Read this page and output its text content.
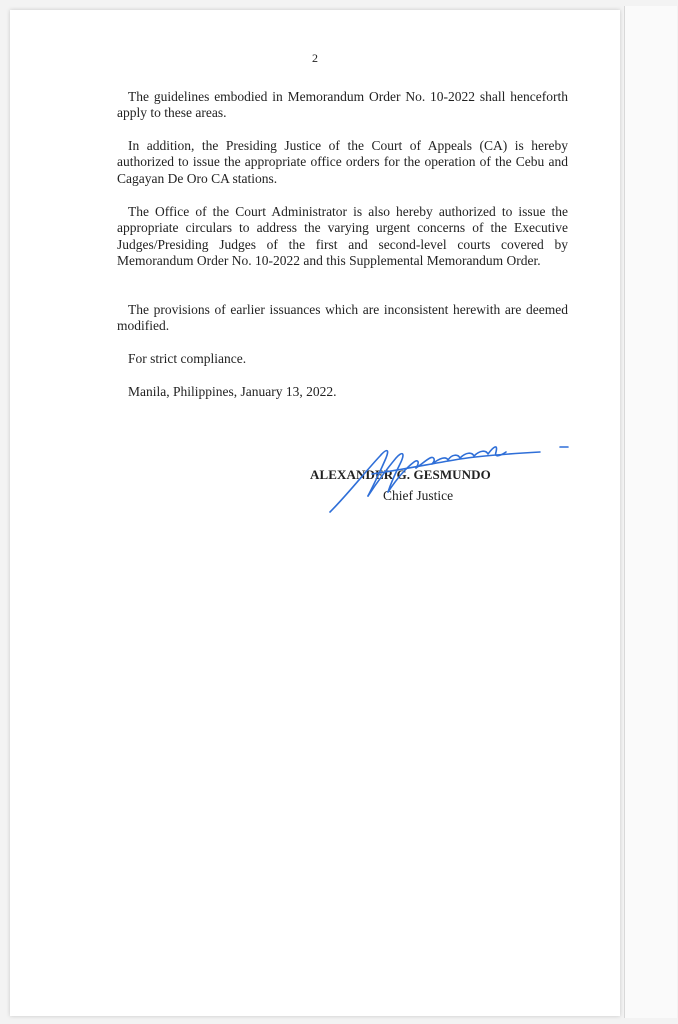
2

The guidelines embodied in Memorandum Order No. 10-2022 shall henceforth apply to these areas.

In addition, the Presiding Justice of the Court of Appeals (CA) is hereby authorized to issue the appropriate office orders for the operation of the Cebu and Cagayan De Oro CA stations.

The Office of the Court Administrator is also hereby authorized to issue the appropriate circulars to address the varying urgent concerns of the Executive Judges/Presiding Judges of the first and second-level courts covered by Memorandum Order No. 10-2022 and this Supplemental Memorandum Order.

The provisions of earlier issuances which are inconsistent herewith are deemed modified.

For strict compliance.

Manila, Philippines, January 13, 2022.

ALEXANDER G. GESMUNDO
Chief Justice
